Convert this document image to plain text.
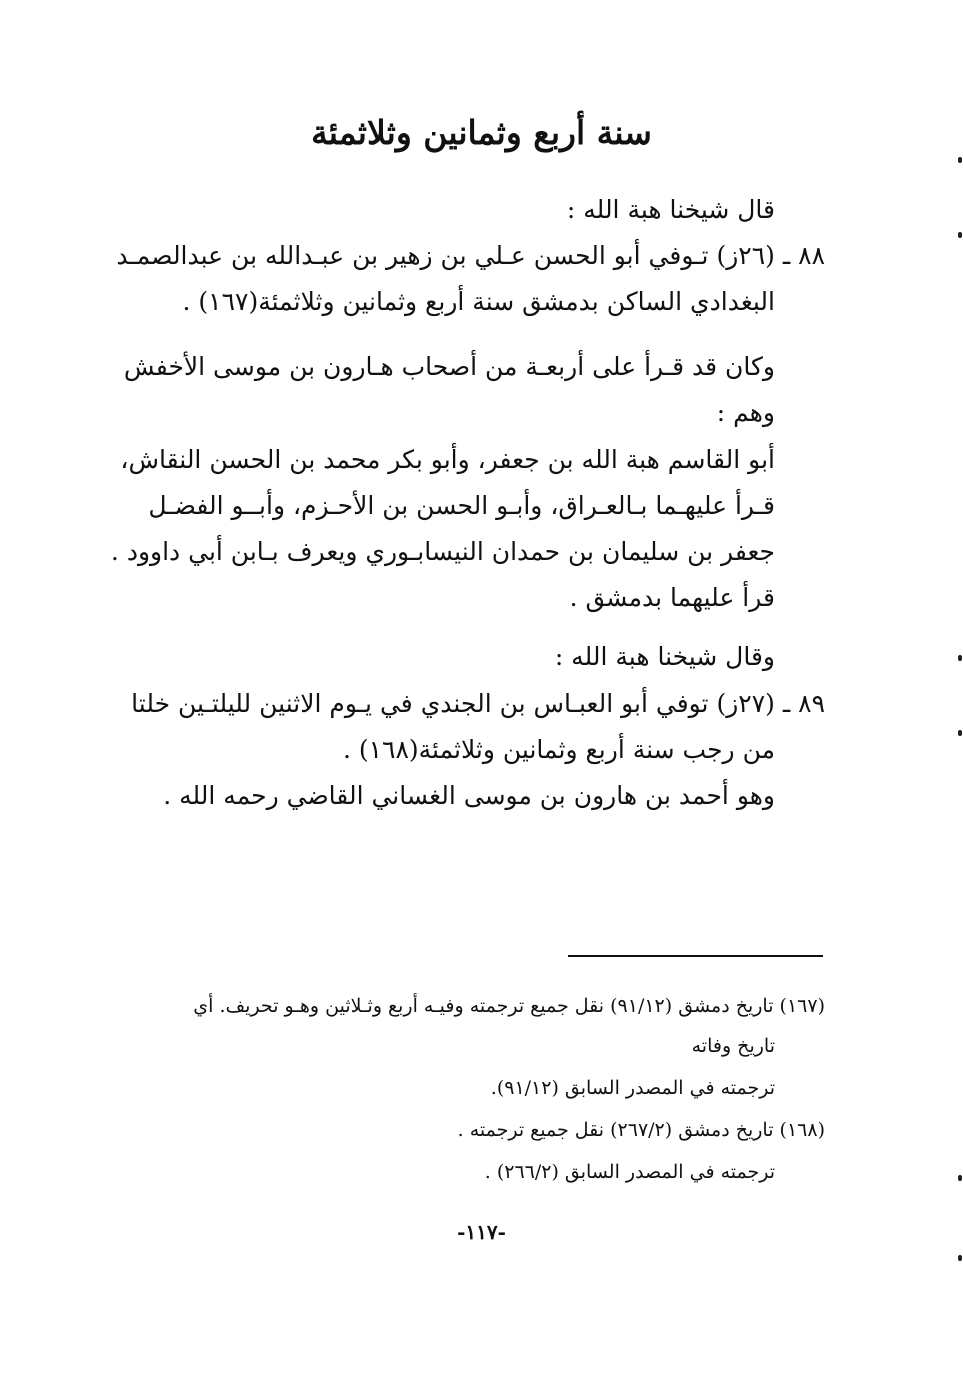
سنة أربع وثمانين وثلاثمئة

قال شيخنا هبة الله :

٨٨ ـ (٢٦ز) تـوفي أبو الحسن عـلي بن زهير بن عبـدالله بن عبدالصمـد

البغدادي الساكن بدمشق سنة أربع وثمانين وثلاثمئة(١٦٧) .

وكان قد قـرأ على أربعـة من أصحاب هـارون بن موسى الأخفش

وهم :

أبو القاسم هبة الله بن جعفر، وأبو بكر محمد بن الحسن النقاش،

قـرأ عليهـما بـالعـراق، وأبـو الحسن بن الأحـزم، وأبــو الفضـل

جعفر بن سليمان بن حمدان النيسابـوري ويعرف بـابن أبي داوود .

قرأ عليهما بدمشق .

وقال شيخنا هبة الله :

٨٩ ـ (٢٧ز) توفي أبو العبـاس بن الجندي في يـوم الاثنين لليلتـين خلتا

من رجب سنة أربع وثمانين وثلاثمئة(١٦٨) .

وهو أحمد بن هارون بن موسى الغساني القاضي رحمه الله .

(١٦٧) تاريخ دمشق (٩١/١٢) نقل جميع ترجمته وفيـه أربع وثـلاثين وهـو تحريف. أي

تاريخ وفاته

ترجمته في المصدر السابق (٩١/١٢).

(١٦٨) تاريخ دمشق (٢٦٧/٢) نقل جميع ترجمته .

ترجمته في المصدر السابق (٢٦٦/٢) .

-١١٧-
